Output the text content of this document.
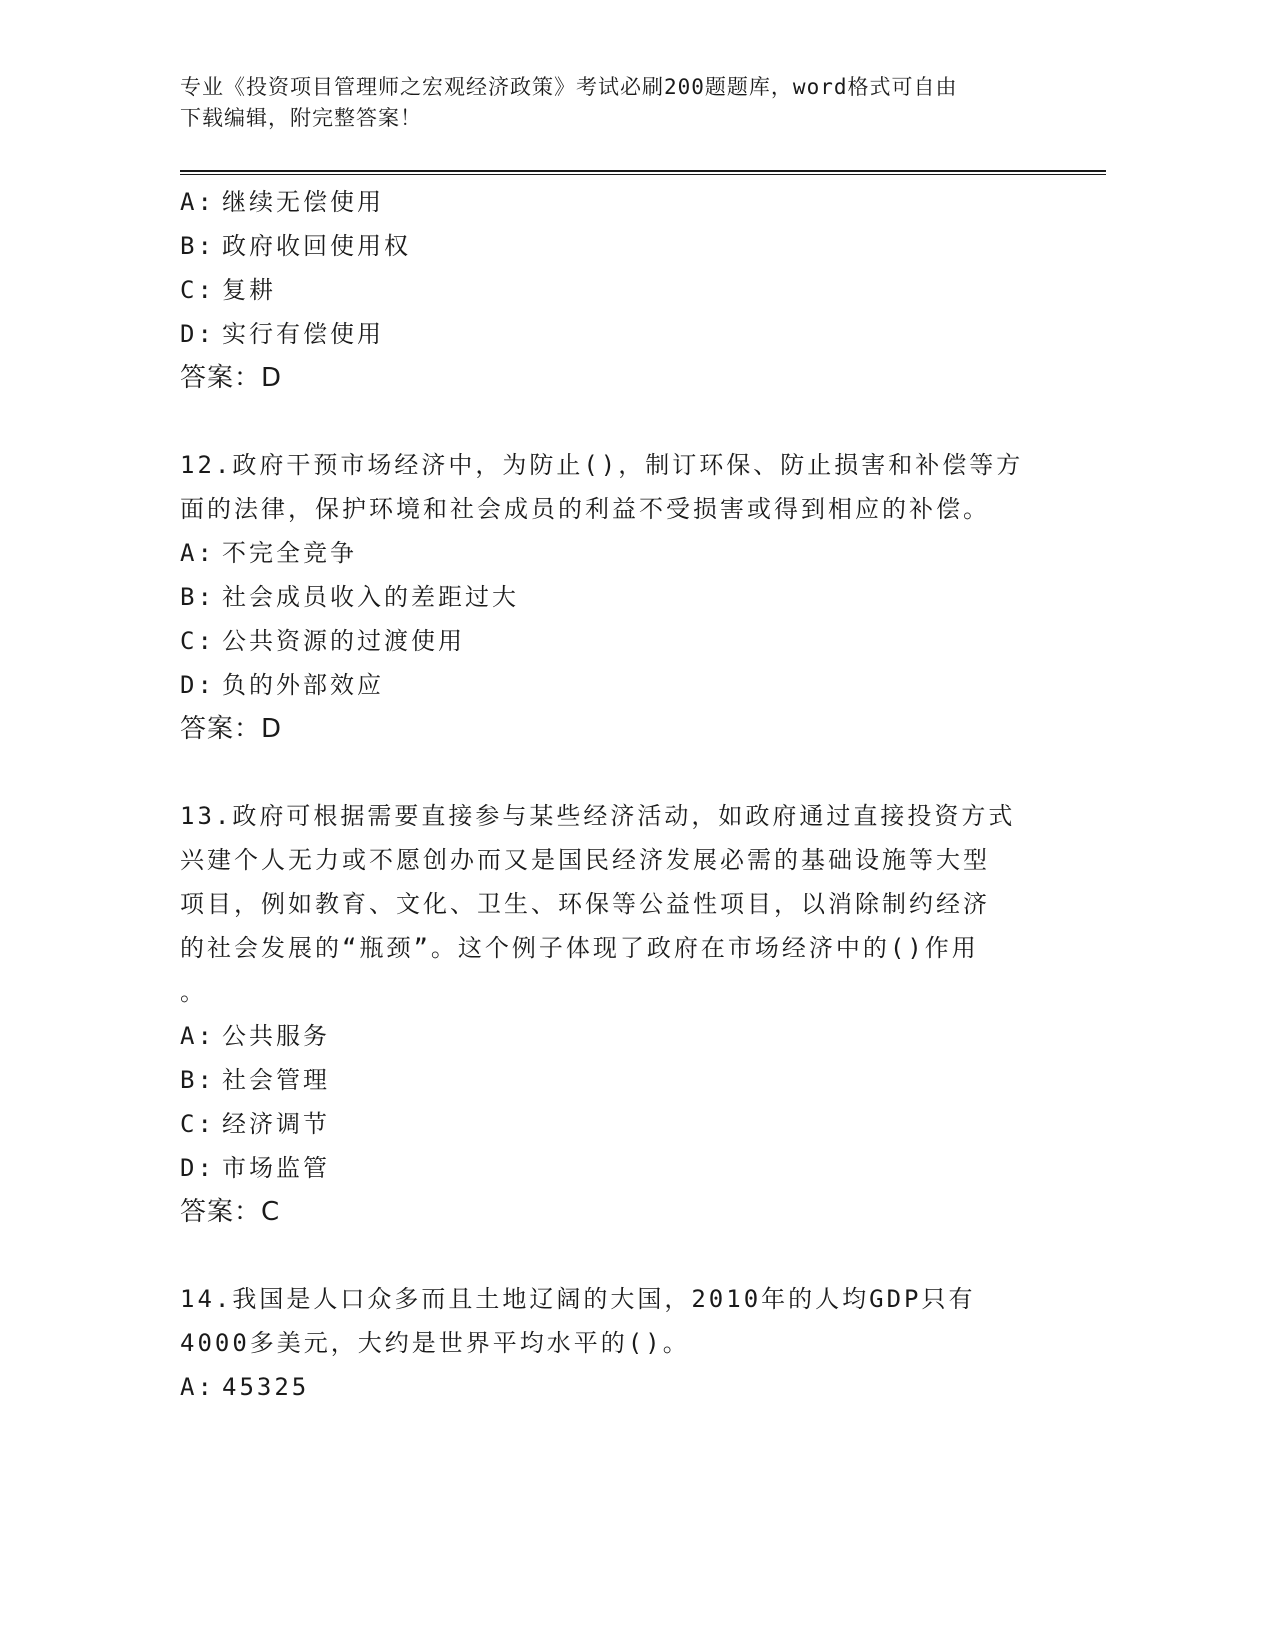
专业《投资项目管理师之宏观经济政策》考试必刷200题题库，word格式可自由
下载编辑，附完整答案！
A: 继续无偿使用
B: 政府收回使用权
C: 复耕
D: 实行有偿使用
答案：D
12.政府干预市场经济中，为防止()，制订环保、防止损害和补偿等方
面的法律，保护环境和社会成员的利益不受损害或得到相应的补偿。
A: 不完全竞争
B: 社会成员收入的差距过大
C: 公共资源的过渡使用
D: 负的外部效应
答案：D
13.政府可根据需要直接参与某些经济活动，如政府通过直接投资方式
兴建个人无力或不愿创办而又是国民经济发展必需的基础设施等大型
项目，例如教育、文化、卫生、环保等公益性项目，以消除制约经济
的社会发展的“瓶颈”。这个例子体现了政府在市场经济中的()作用
。
A: 公共服务
B: 社会管理
C: 经济调节
D: 市场监管
答案：C
14.我国是人口众多而且土地辽阔的大国，2010年的人均GDP只有
4000多美元，大约是世界平均水平的()。
A: 45325
